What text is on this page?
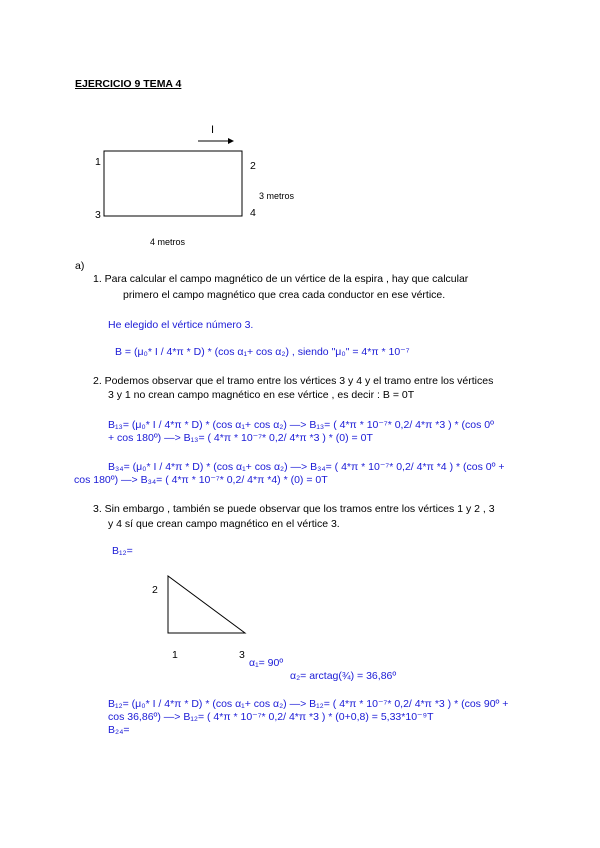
EJERCICIO 9 TEMA 4
I
1	2
3	4
3 metros
4 metros
a)
1. Para calcular el campo magnético de un vértice de la espira , hay que calcular
primero el campo magnético que crea cada conductor en ese vértice.
He elegido el vértice número 3.
B = (μ₀* I / 4*π * D) * (cos α₁+ cos α₂) , siendo "μ₀" = 4*π * 10⁻⁷
2. Podemos observar que el tramo entre los vértices 3 y 4 y el tramo entre los vértices
3 y 1 no crean campo magnético en ese vértice , es decir : B = 0T
B₁₃= (μ₀* I / 4*π * D) * (cos α₁+ cos α₂) —> B₁₃= ( 4*π * 10⁻⁷* 0,2/ 4*π *3 ) * (cos 0º
+ cos 180º) —> B₁₃= ( 4*π * 10⁻⁷* 0,2/ 4*π *3 ) * (0) = 0T
B₃₄= (μ₀* I / 4*π * D) * (cos α₁+ cos α₂) —> B₃₄= ( 4*π * 10⁻⁷* 0,2/ 4*π *4 ) * (cos 0º +
cos 180º) —> B₃₄= ( 4*π * 10⁻⁷* 0,2/ 4*π *4) * (0) = 0T
3. Sin embargo , también se puede observar que los tramos entre los vértices 1 y 2 , 3
y 4 sí que crean campo magnético en el vértice 3.
B₁₂=
2
1	3
α₁= 90º
α₂= arctag(¾) = 36,86º
B₁₂= (μ₀* I / 4*π * D) * (cos α₁+ cos α₂) —> B₁₂= ( 4*π * 10⁻⁷* 0,2/ 4*π *3 ) * (cos 90º +
cos 36,86º) —> B₁₂= ( 4*π * 10⁻⁷* 0,2/ 4*π *3 ) * (0+0,8) = 5,33*10⁻⁹T
B₂₄=
